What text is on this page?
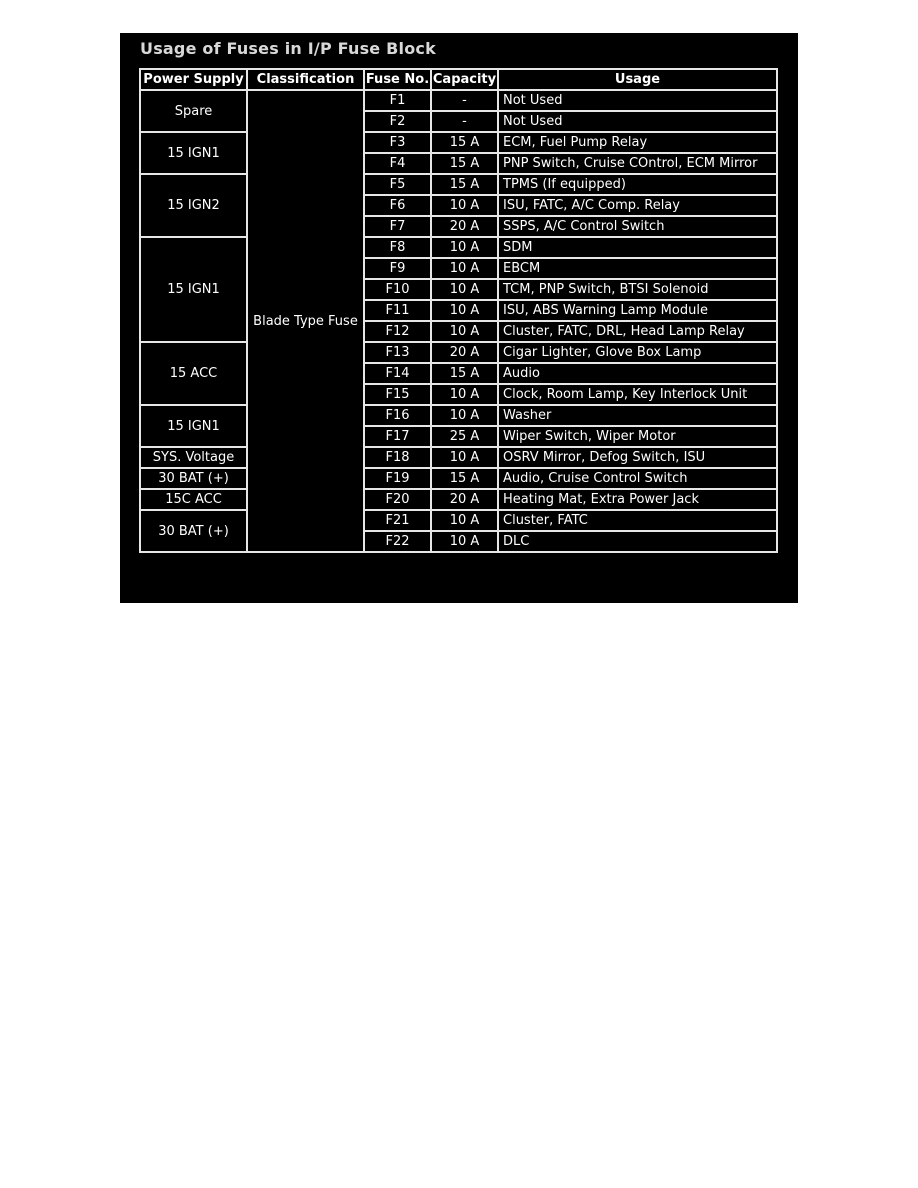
Usage of Fuses in I/P Fuse Block
Power Supply	Classification	Fuse No.	Capacity	Usage
Spare	Blade Type Fuse	F1	-	Not Used
		F2	-	Not Used
15 IGN1		F3	15 A	ECM, Fuel Pump Relay
		F4	15 A	PNP Switch, Cruise COntrol, ECM Mirror
15 IGN2		F5	15 A	TPMS (If equipped)
		F6	10 A	ISU, FATC, A/C Comp. Relay
		F7	20 A	SSPS, A/C Control Switch
15 IGN1		F8	10 A	SDM
		F9	10 A	EBCM
		F10	10 A	TCM, PNP Switch, BTSI Solenoid
		F11	10 A	ISU, ABS Warning Lamp Module
		F12	10 A	Cluster, FATC, DRL, Head Lamp Relay
15 ACC		F13	20 A	Cigar Lighter, Glove Box Lamp
		F14	15 A	Audio
		F15	10 A	Clock, Room Lamp, Key Interlock Unit
15 IGN1		F16	10 A	Washer
		F17	25 A	Wiper Switch, Wiper Motor
SYS. Voltage		F18	10 A	OSRV Mirror, Defog Switch, ISU
30 BAT (+)		F19	15 A	Audio, Cruise Control Switch
15C ACC		F20	20 A	Heating Mat, Extra Power Jack
30 BAT (+)		F21	10 A	Cluster, FATC
		F22	10 A	DLC
